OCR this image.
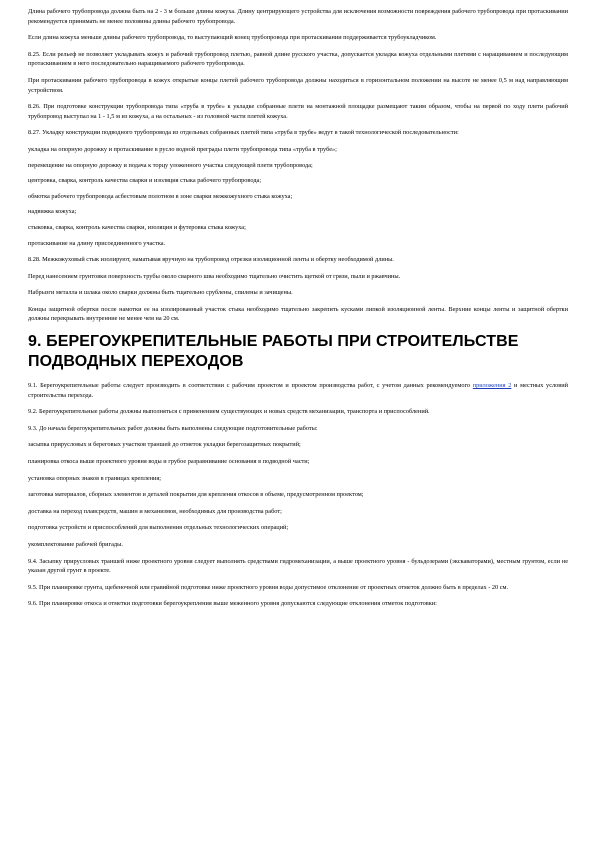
Длина рабочего трубопровода должна быть на 2 - 3 м больше длины кожуха. Длину центрирующего устройства для исключения возможности повреждения рабочего трубопровода при протаскивании рекомендуется принимать не менее половины длины рабочего трубопровода.

Если длина кожуха меньше длины рабочего трубопровода, то выступающий конец трубопровода при протаскивании поддерживается трубоукладчиком.

8.25. Если рельеф не позволяет укладывать кожух и рабочий трубопровод плетью, равной длине русского участка, допускается укладка кожуха отдельными плетями с наращиванием и последующим протаскиванием в него последовательно наращиваемого рабочего трубопровода.

При протаскивании рабочего трубопровода в кожух открытые концы плетей рабочего трубопровода должны находиться в горизонтальном положении на высоте не менее 0,5 м над направляющим устройством.

8.26. При подготовке конструкции трубопровода типа «труба в трубе» к укладке собранные плети на монтажной площадке размещают таким образом, чтобы на первой по ходу плети рабочий трубопровод выступал на 1 - 1,5 м из кожуха, а на остальных - из головной части плетей кожуха.

8.27. Укладку конструкции подводного трубопровода из отдельных собранных плетей типа «труба в трубе» ведут в такой технологической последовательности:

укладка на опорную дорожку и протаскивание в русло водной преграды плети трубопровода типа «труба в трубе»;

перемещение на опорную дорожку и подача к торцу уложенного участка следующей плети трубопровода;

центровка, сварка, контроль качества сварки и изоляция стыка рабочего трубопровода;

обмотка рабочего трубопровода асбестовым полотном в зоне сварки межкожухного стыка кожуха;

надвижка кожуха;

стыковка, сварка, контроль качества сварки, изоляция и футеровка стыка кожуха;

протаскивание на длину присоединенного участка.

8.28. Межкожуховый стык изолируют, наматывая вручную на трубопровод отрезки изоляционной ленты и обертку необходимой длины.

Перед нанесением грунтовки поверхность трубы около сварного шва необходимо тщательно очистить щеткой от грязи, пыли и ржавчины.

Набрызги металла и шлака около сварки должны быть тщательно срублены, спилены и зачищены.

Концы защитной обертки после намотки ее на изолированный участок стыка необходимо тщательно закрепить кусками липкой изоляционной ленты. Верхние концы ленты и защитной обертки должны перекрывать внутренние не менее чем на 20 см.

9. БЕРЕГОУКРЕПИТЕЛЬНЫЕ РАБОТЫ ПРИ СТРОИТЕЛЬСТВЕ ПОДВОДНЫХ ПЕРЕХОДОВ

9.1. Берегоукрепительные работы следует производить в соответствии с рабочим проектом и проектом производства работ, с учетом данных рекомендуемого приложения 2 и местных условий строительства перехода.

9.2. Берегоукрепительные работы должны выполняться с применением существующих и новых средств механизации, транспорта и приспособлений.

9.3. До начала берегоукрепительных работ должны быть выполнены следующие подготовительные работы:

засыпка прирусловых и береговых участков траншей до отметок укладки берегозащитных покрытий;

планировка откоса выше проектного уровня воды и грубое разравнивание основания в подводной части;

установка опорных знаков в границах крепления;

заготовка материалов, сборных элементов и деталей покрытия для крепления откосов в объеме, предусмотренном проектом;

доставка на переход плавсредств, машин и механизмов, необходимых для производства работ;

подготовка устройств и приспособлений для выполнения отдельных технологических операций;

укомплектование рабочей бригады.

9.4. Засыпку прирусловых траншей ниже проектного уровня следует выполнять средствами гидромеханизации, а выше проектного уровня - бульдозерами (экскаваторами), местным грунтом, если не указан другой грунт в проекте.

9.5. При планировке грунта, щебеночной или гравийной подготовке ниже проектного уровня воды допустимое отклонение от проектных отметок должно быть в пределах - 20 см.

9.6. При планировке откоса и отметки подготовки берегоукрепления выше меженного уровня допускаются следующие отклонения отметок подготовки:
